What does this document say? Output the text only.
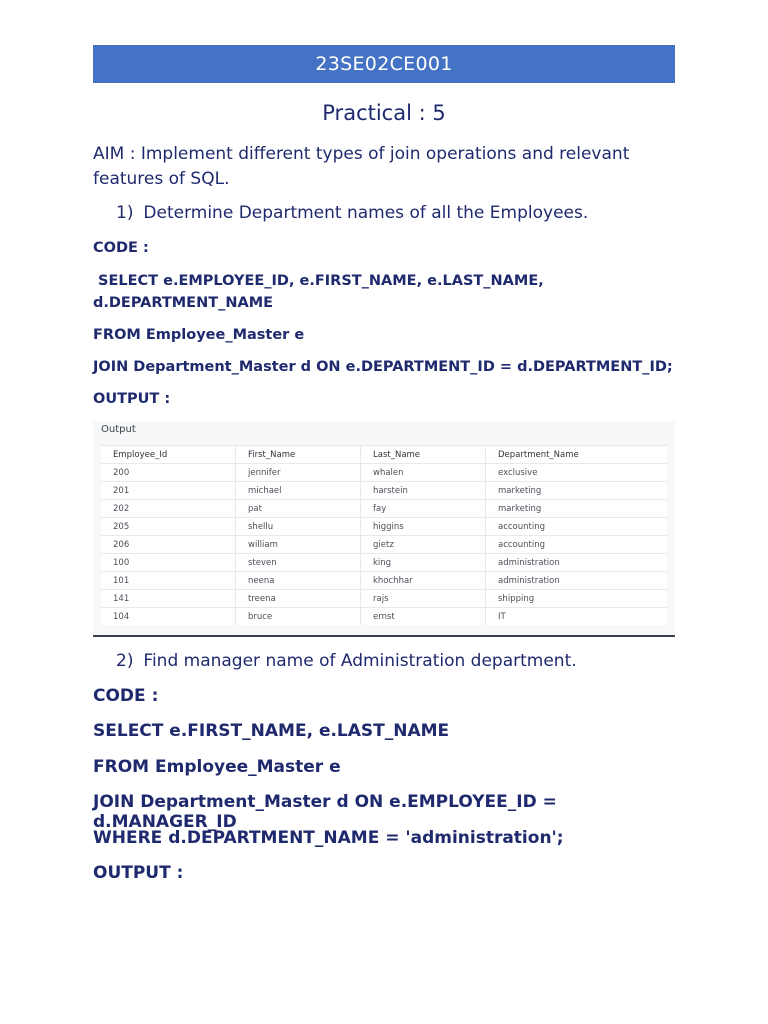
23SE02CE001
Practical : 5
AIM : Implement different types of join operations and relevant features of SQL.
1) Determine Department names of all the Employees.
CODE :
SELECT e.EMPLOYEE_ID, e.FIRST_NAME, e.LAST_NAME,
d.DEPARTMENT_NAME
FROM Employee_Master e
JOIN Department_Master d ON e.DEPARTMENT_ID = d.DEPARTMENT_ID;
OUTPUT :
Output
Employee_Id	First_Name	Last_Name	Department_Name
200	jennifer	whalen	exclusive
201	michael	harstein	marketing
202	pat	fay	marketing
205	shellu	higgins	accounting
206	william	gietz	accounting
100	steven	king	administration
101	neena	khochhar	administration
141	treena	rajs	shipping
104	bruce	ernst	IT
2) Find manager name of Administration department.
CODE :
SELECT e.FIRST_NAME, e.LAST_NAME
FROM Employee_Master e
JOIN Department_Master d ON e.EMPLOYEE_ID = d.MANAGER_ID
WHERE d.DEPARTMENT_NAME = 'administration';
OUTPUT :
